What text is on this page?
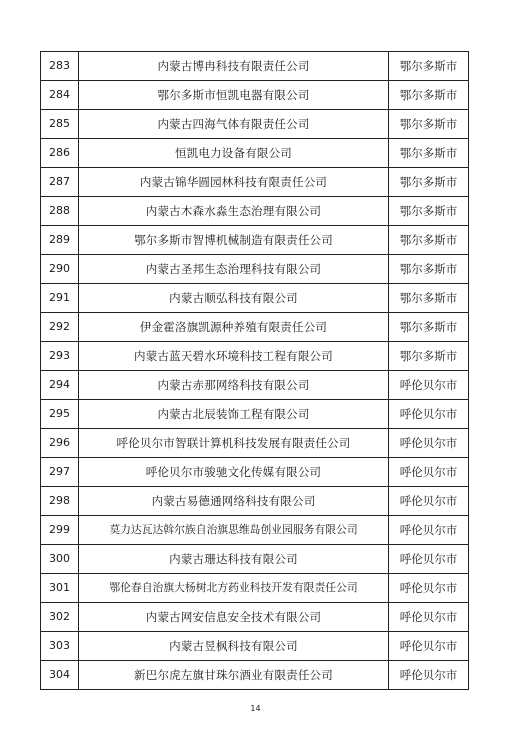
283	内蒙古博冉科技有限责任公司	鄂尔多斯市
284	鄂尔多斯市恒凯电器有限公司	鄂尔多斯市
285	内蒙古四海气体有限责任公司	鄂尔多斯市
286	恒凯电力设备有限公司	鄂尔多斯市
287	内蒙古锦华圆园林科技有限责任公司	鄂尔多斯市
288	内蒙古木森水淼生态治理有限公司	鄂尔多斯市
289	鄂尔多斯市智博机械制造有限责任公司	鄂尔多斯市
290	内蒙古圣邦生态治理科技有限公司	鄂尔多斯市
291	内蒙古顺弘科技有限公司	鄂尔多斯市
292	伊金霍洛旗凯源种养殖有限责任公司	鄂尔多斯市
293	内蒙古蓝天碧水环境科技工程有限公司	鄂尔多斯市
294	内蒙古赤那网络科技有限公司	呼伦贝尔市
295	内蒙古北辰装饰工程有限公司	呼伦贝尔市
296	呼伦贝尔市智联计算机科技发展有限责任公司	呼伦贝尔市
297	呼伦贝尔市骏驰文化传媒有限公司	呼伦贝尔市
298	内蒙古易德通网络科技有限公司	呼伦贝尔市
299	莫力达瓦达斡尔族自治旗思维岛创业园服务有限公司	呼伦贝尔市
300	内蒙古珊达科技有限公司	呼伦贝尔市
301	鄂伦春自治旗大杨树北方药业科技开发有限责任公司	呼伦贝尔市
302	内蒙古网安信息安全技术有限公司	呼伦贝尔市
303	内蒙古昱枫科技有限公司	呼伦贝尔市
304	新巴尔虎左旗甘珠尔酒业有限责任公司	呼伦贝尔市
14
